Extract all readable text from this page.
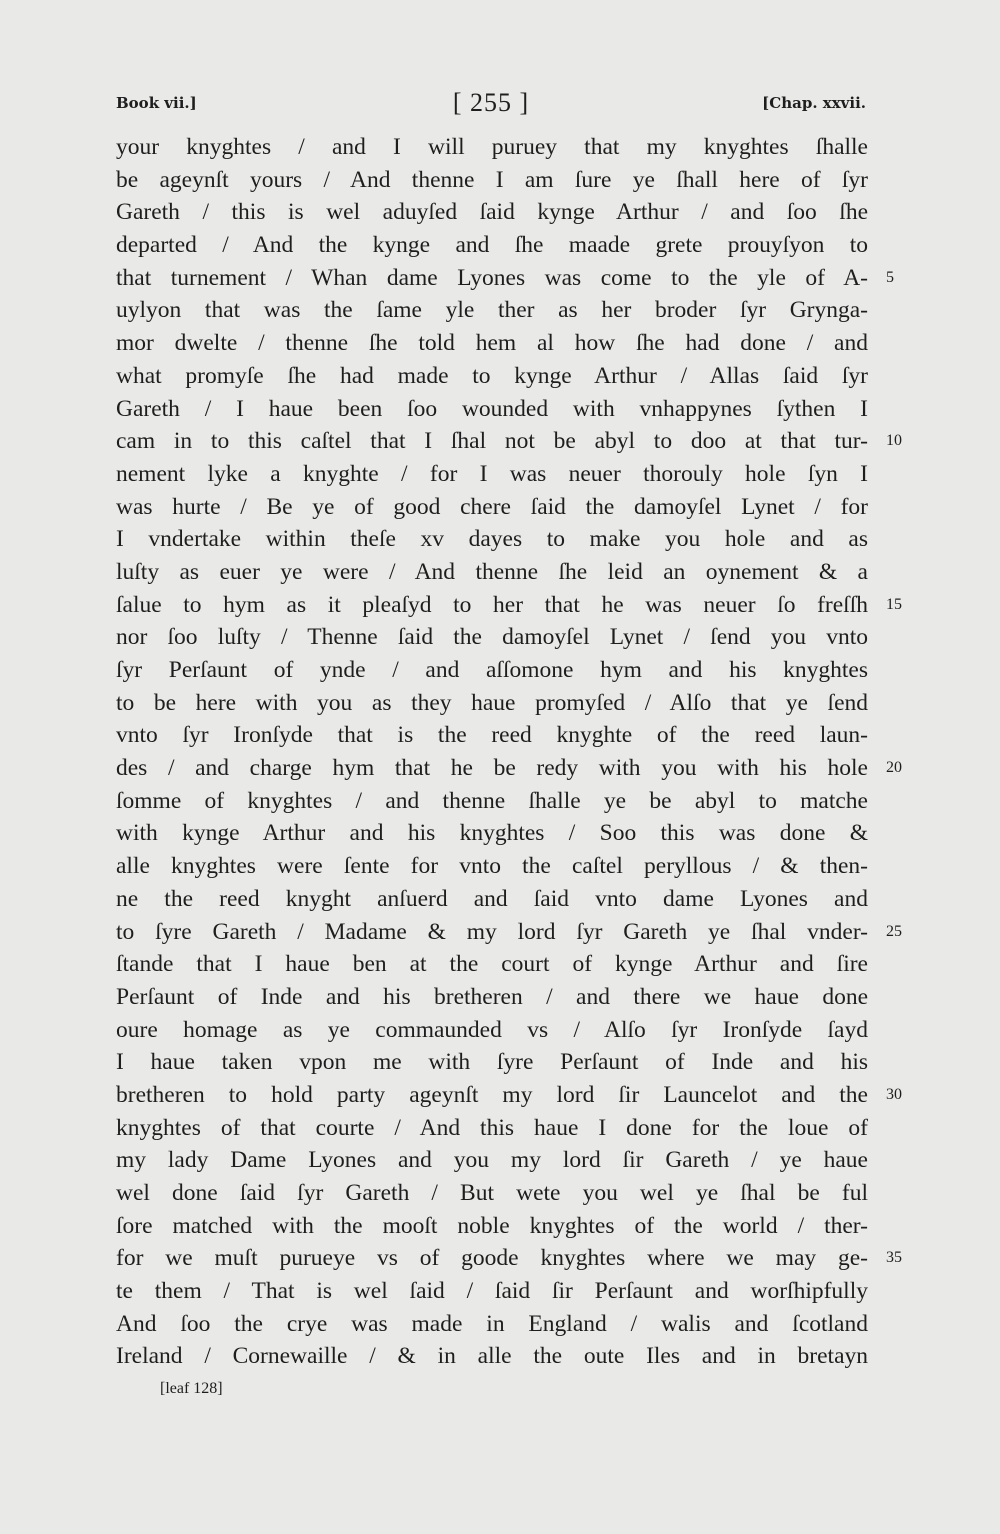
Book vii.]	[ 255 ]	[Chap. xxvii.
your knyghtes / and I will puruey that my knyghtes ſhalle
be ageynſt yours / And thenne I am ſure ye ſhall here of ſyr
Gareth / this is wel aduyſed ſaid kynge Arthur / and ſoo ſhe
departed / And the kynge and ſhe maade grete prouyſyon to
that turnement / Whan dame Lyones was come to the yle of A- 5
uylyon that was the ſame yle ther as her broder ſyr Grynga-
mor dwelte / thenne ſhe told hem al how ſhe had done / and
what promyſe ſhe had made to kynge Arthur / Allas ſaid ſyr
Gareth / I haue been ſoo wounded with vnhappynes ſythen I
cam in to this caſtel that I ſhal not be abyl to doo at that tur- 10
nement lyke a knyghte / for I was neuer thorouly hole ſyn I
was hurte / Be ye of good chere ſaid the damoyſel Lynet / for
I vndertake within theſe xv dayes to make you hole and as
luſty as euer ye were / And thenne ſhe leid an oynement & a
ſalue to hym as it pleaſyd to her that he was neuer ſo freſſh 15
nor ſoo luſty / Thenne ſaid the damoyſel Lynet / ſend you vnto
ſyr Perſaunt of ynde / and aſſomone hym and his knyghtes
to be here with you as they haue promyſed / Alſo that ye ſend
vnto ſyr Ironſyde that is the reed knyghte of the reed laun-
des / and charge hym that he be redy with you with his hole 20
ſomme of knyghtes / and thenne ſhalle ye be abyl to matche
with kynge Arthur and his knyghtes / Soo this was done &
alle knyghtes were ſente for vnto the caſtel peryllous / & then-
ne the reed knyght anſuerd and ſaid vnto dame Lyones and
to ſyre Gareth / Madame & my lord ſyr Gareth ye ſhal vnder- 25
ſtande that I haue ben at the court of kynge Arthur and ſire
Perſaunt of Inde and his bretheren / and there we haue done
oure homage as ye commaunded vs / Alſo ſyr Ironſyde ſayd
I haue taken vpon me with ſyre Perſaunt of Inde and his
bretheren to hold party ageynſt my lord ſir Launcelot and the 30
knyghtes of that courte / And this haue I done for the loue of
my lady Dame Lyones and you my lord ſir Gareth / ye haue
wel done ſaid ſyr Gareth / But wete you wel ye ſhal be ful
ſore matched with the mooſt noble knyghtes of the world / ther-
for we muſt purueye vs of goode knyghtes where we may ge- 35
te them / That is wel ſaid / ſaid ſir Perſaunt and worſhipfully
And ſoo the crye was made in England / walis and ſcotland
Ireland / Cornewaille / & in alle the oute Iles and in bretayn
[leaf 128]
